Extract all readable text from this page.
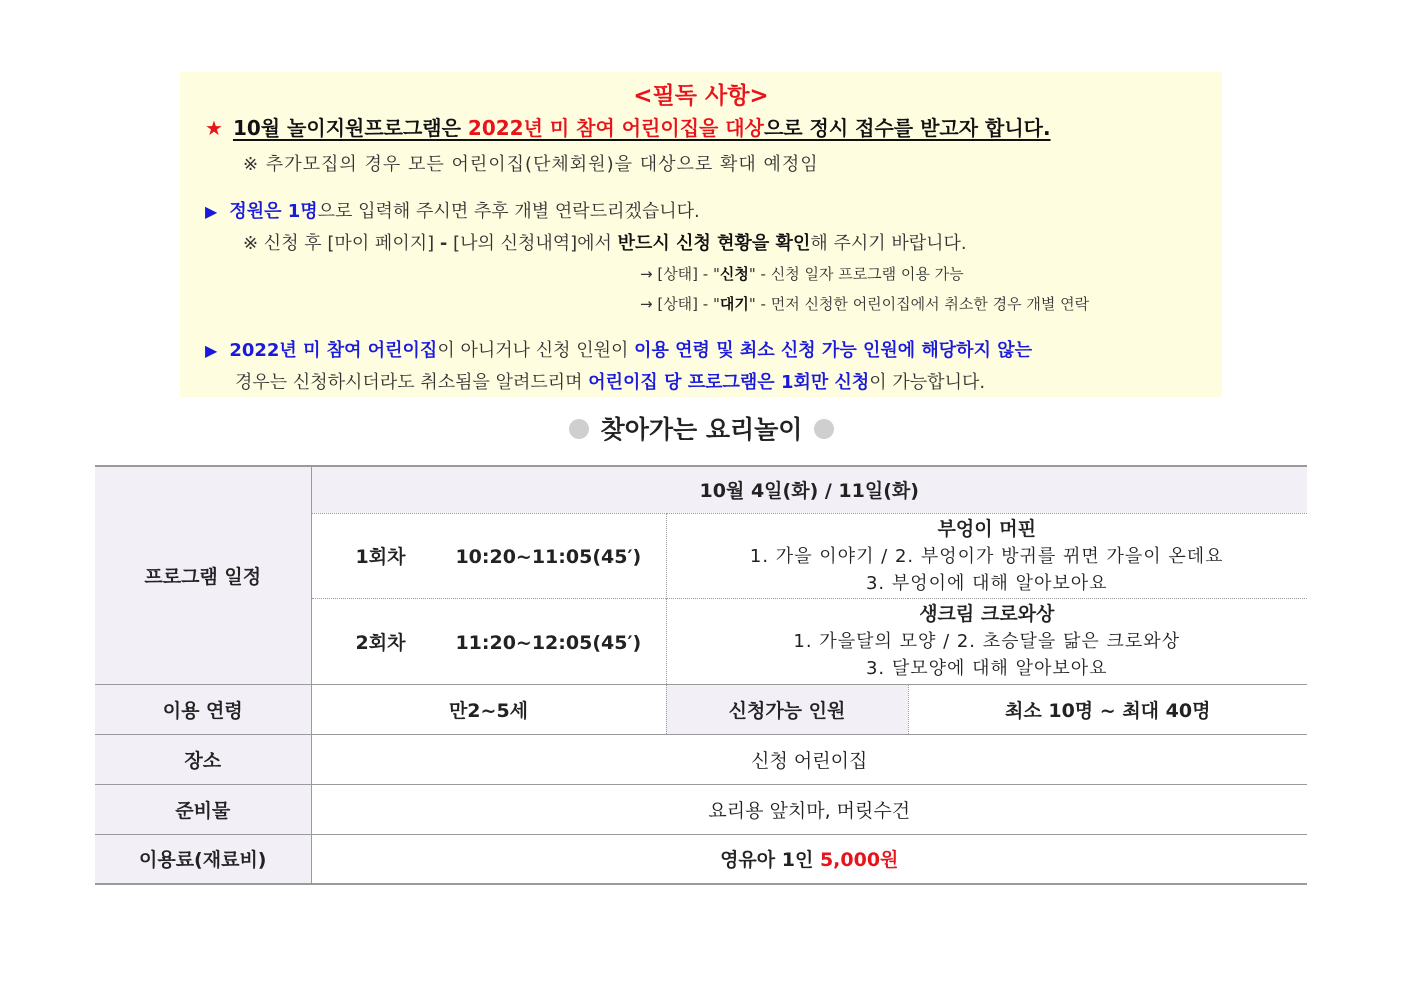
<필독 사항>
★ 10월 놀이지원프로그램은 2022년 미 참여 어린이집을 대상으로 정시 접수를 받고자 합니다.
※ 추가모집의 경우 모든 어린이집(단체회원)을 대상으로 확대 예정임
▶ 정원은 1명으로 입력해 주시면 추후 개별 연락드리겠습니다.
※ 신청 후 [마이 페이지] - [나의 신청내역]에서 반드시 신청 현황을 확인해 주시기 바랍니다.
→ [상태] - "신청" - 신청 일자 프로그램 이용 가능
→ [상태] - "대기" - 먼저 신청한 어린이집에서 취소한 경우 개별 연락
▶ 2022년 미 참여 어린이집이 아니거나 신청 인원이 이용 연령 및 최소 신청 가능 인원에 해당하지 않는
경우는 신청하시더라도 취소됨을 알려드리며 어린이집 당 프로그램은 1회만 신청이 가능합니다.
찾아가는 요리놀이
프로그램 일정	10월 4일(화) / 11일(화)		
	1회차 10:20~11:05(45′)	부엉이 머핀
1. 가을 이야기 / 2. 부엉이가 방귀를 뀌면 가을이 온데요
3. 부엉이에 대해 알아보아요	

	2회차 11:20~12:05(45′)	생크림 크로와상
1. 가을달의 모양 / 2. 초승달을 닮은 크로와상
3. 달모양에 대해 알아보아요	

이용 연령	만2~5세	신청가능 인원	최소 10명 ~ 최대 40명
장소	신청 어린이집		
준비물	요리용 앞치마, 머릿수건		
이용료(재료비)	영유아 1인 5,000원		
